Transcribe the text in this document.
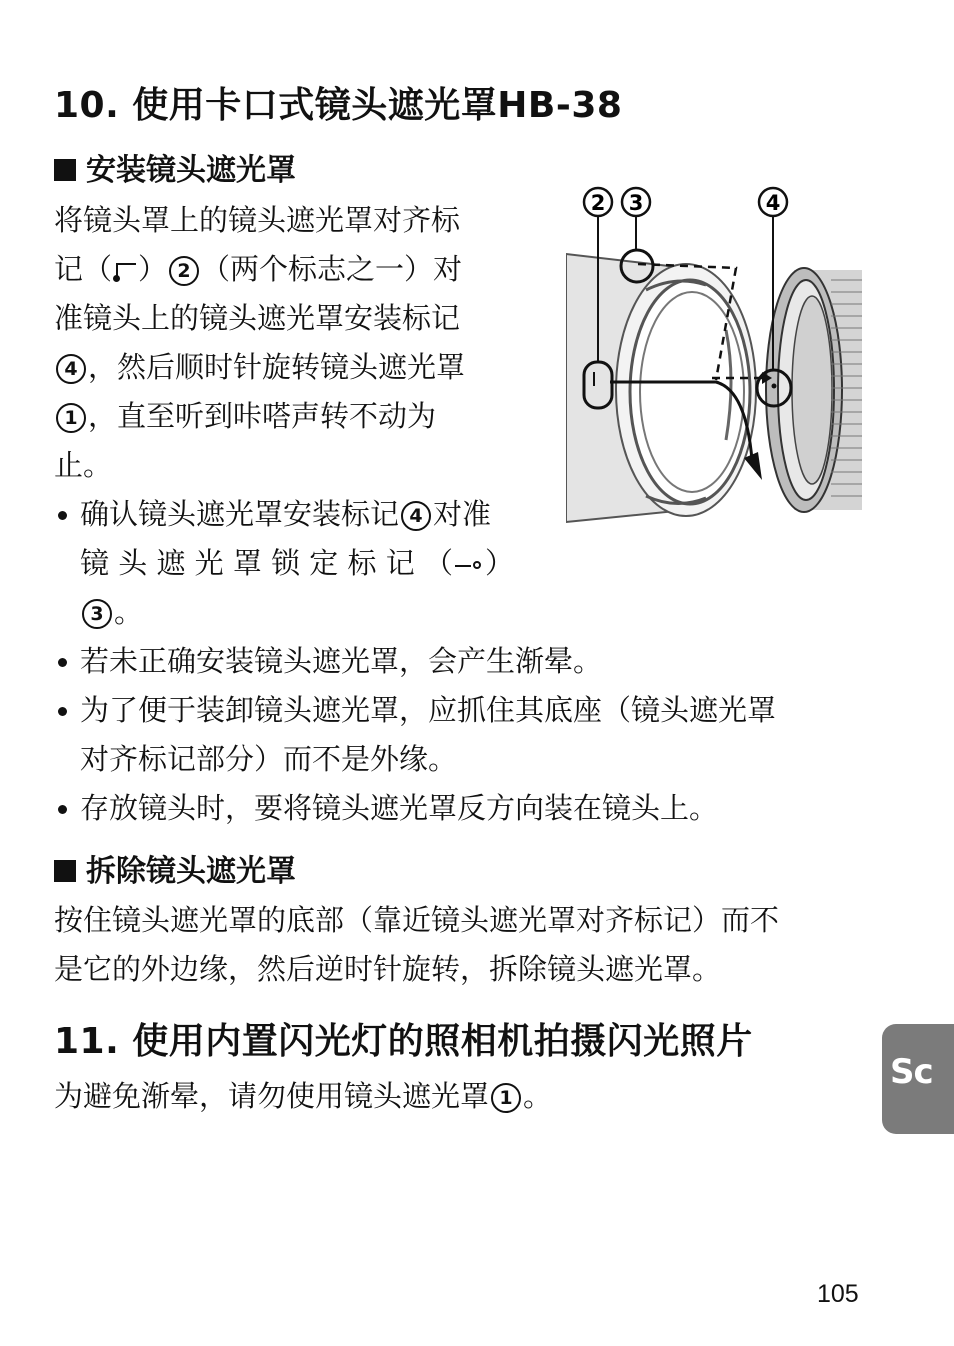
10. 使用卡口式镜头遮光罩HB-38
安装镜头遮光罩
将镜头罩上的镜头遮光罩对齐标
记（ ） 2 （两个标志之一）对
准镜头上的镜头遮光罩安装标记
4 ，然后顺时针旋转镜头遮光罩
1 ，直至听到咔嗒声转不动为
止。
确认镜头遮光罩安装标记 4 对准
镜 头 遮 光 罩 锁 定 标 记 （ ）
3 。
若未正确安装镜头遮光罩，会产生渐晕。
为了便于装卸镜头遮光罩，应抓住其底座（镜头遮光罩
对齐标记部分）而不是外缘。
存放镜头时，要将镜头遮光罩反方向装在镜头上。
拆除镜头遮光罩
按住镜头遮光罩的底部（靠近镜头遮光罩对齐标记）而不
是它的外边缘，然后逆时针旋转，拆除镜头遮光罩。
11. 使用内置闪光灯的照相机拍摄闪光照片
为避免渐晕，请勿使用镜头遮光罩 1 。
2 3	4
Sc
105
